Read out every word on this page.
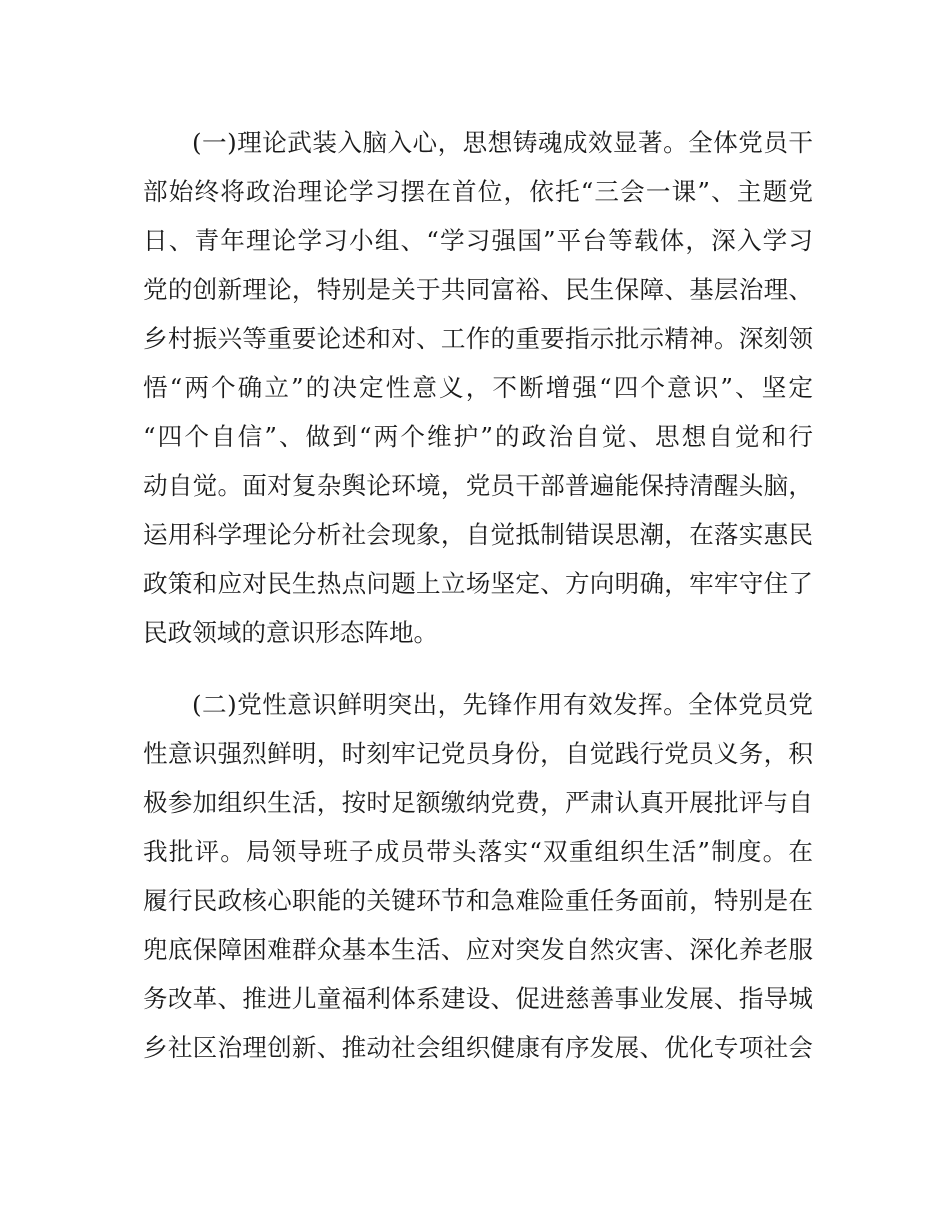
(一)理论武装入脑入心，思想铸魂成效显著。全体党员干
部始终将政治理论学习摆在首位，依托“三会一课”、主题党
日、青年理论学习小组、“学习强国”平台等载体，深入学习
党的创新理论，特别是关于共同富裕、民生保障、基层治理、
乡村振兴等重要论述和对、工作的重要指示批示精神。深刻领
悟“两个确立”的决定性意义，不断增强“四个意识”、坚定
“四个自信”、做到“两个维护”的政治自觉、思想自觉和行
动自觉。面对复杂舆论环境，党员干部普遍能保持清醒头脑，
运用科学理论分析社会现象，自觉抵制错误思潮，在落实惠民
政策和应对民生热点问题上立场坚定、方向明确，牢牢守住了
民政领域的意识形态阵地。
(二)党性意识鲜明突出，先锋作用有效发挥。全体党员党
性意识强烈鲜明，时刻牢记党员身份，自觉践行党员义务，积
极参加组织生活，按时足额缴纳党费，严肃认真开展批评与自
我批评。局领导班子成员带头落实“双重组织生活”制度。在
履行民政核心职能的关键环节和急难险重任务面前，特别是在
兜底保障困难群众基本生活、应对突发自然灾害、深化养老服
务改革、推进儿童福利体系建设、促进慈善事业发展、指导城
乡社区治理创新、推动社会组织健康有序发展、优化专项社会
